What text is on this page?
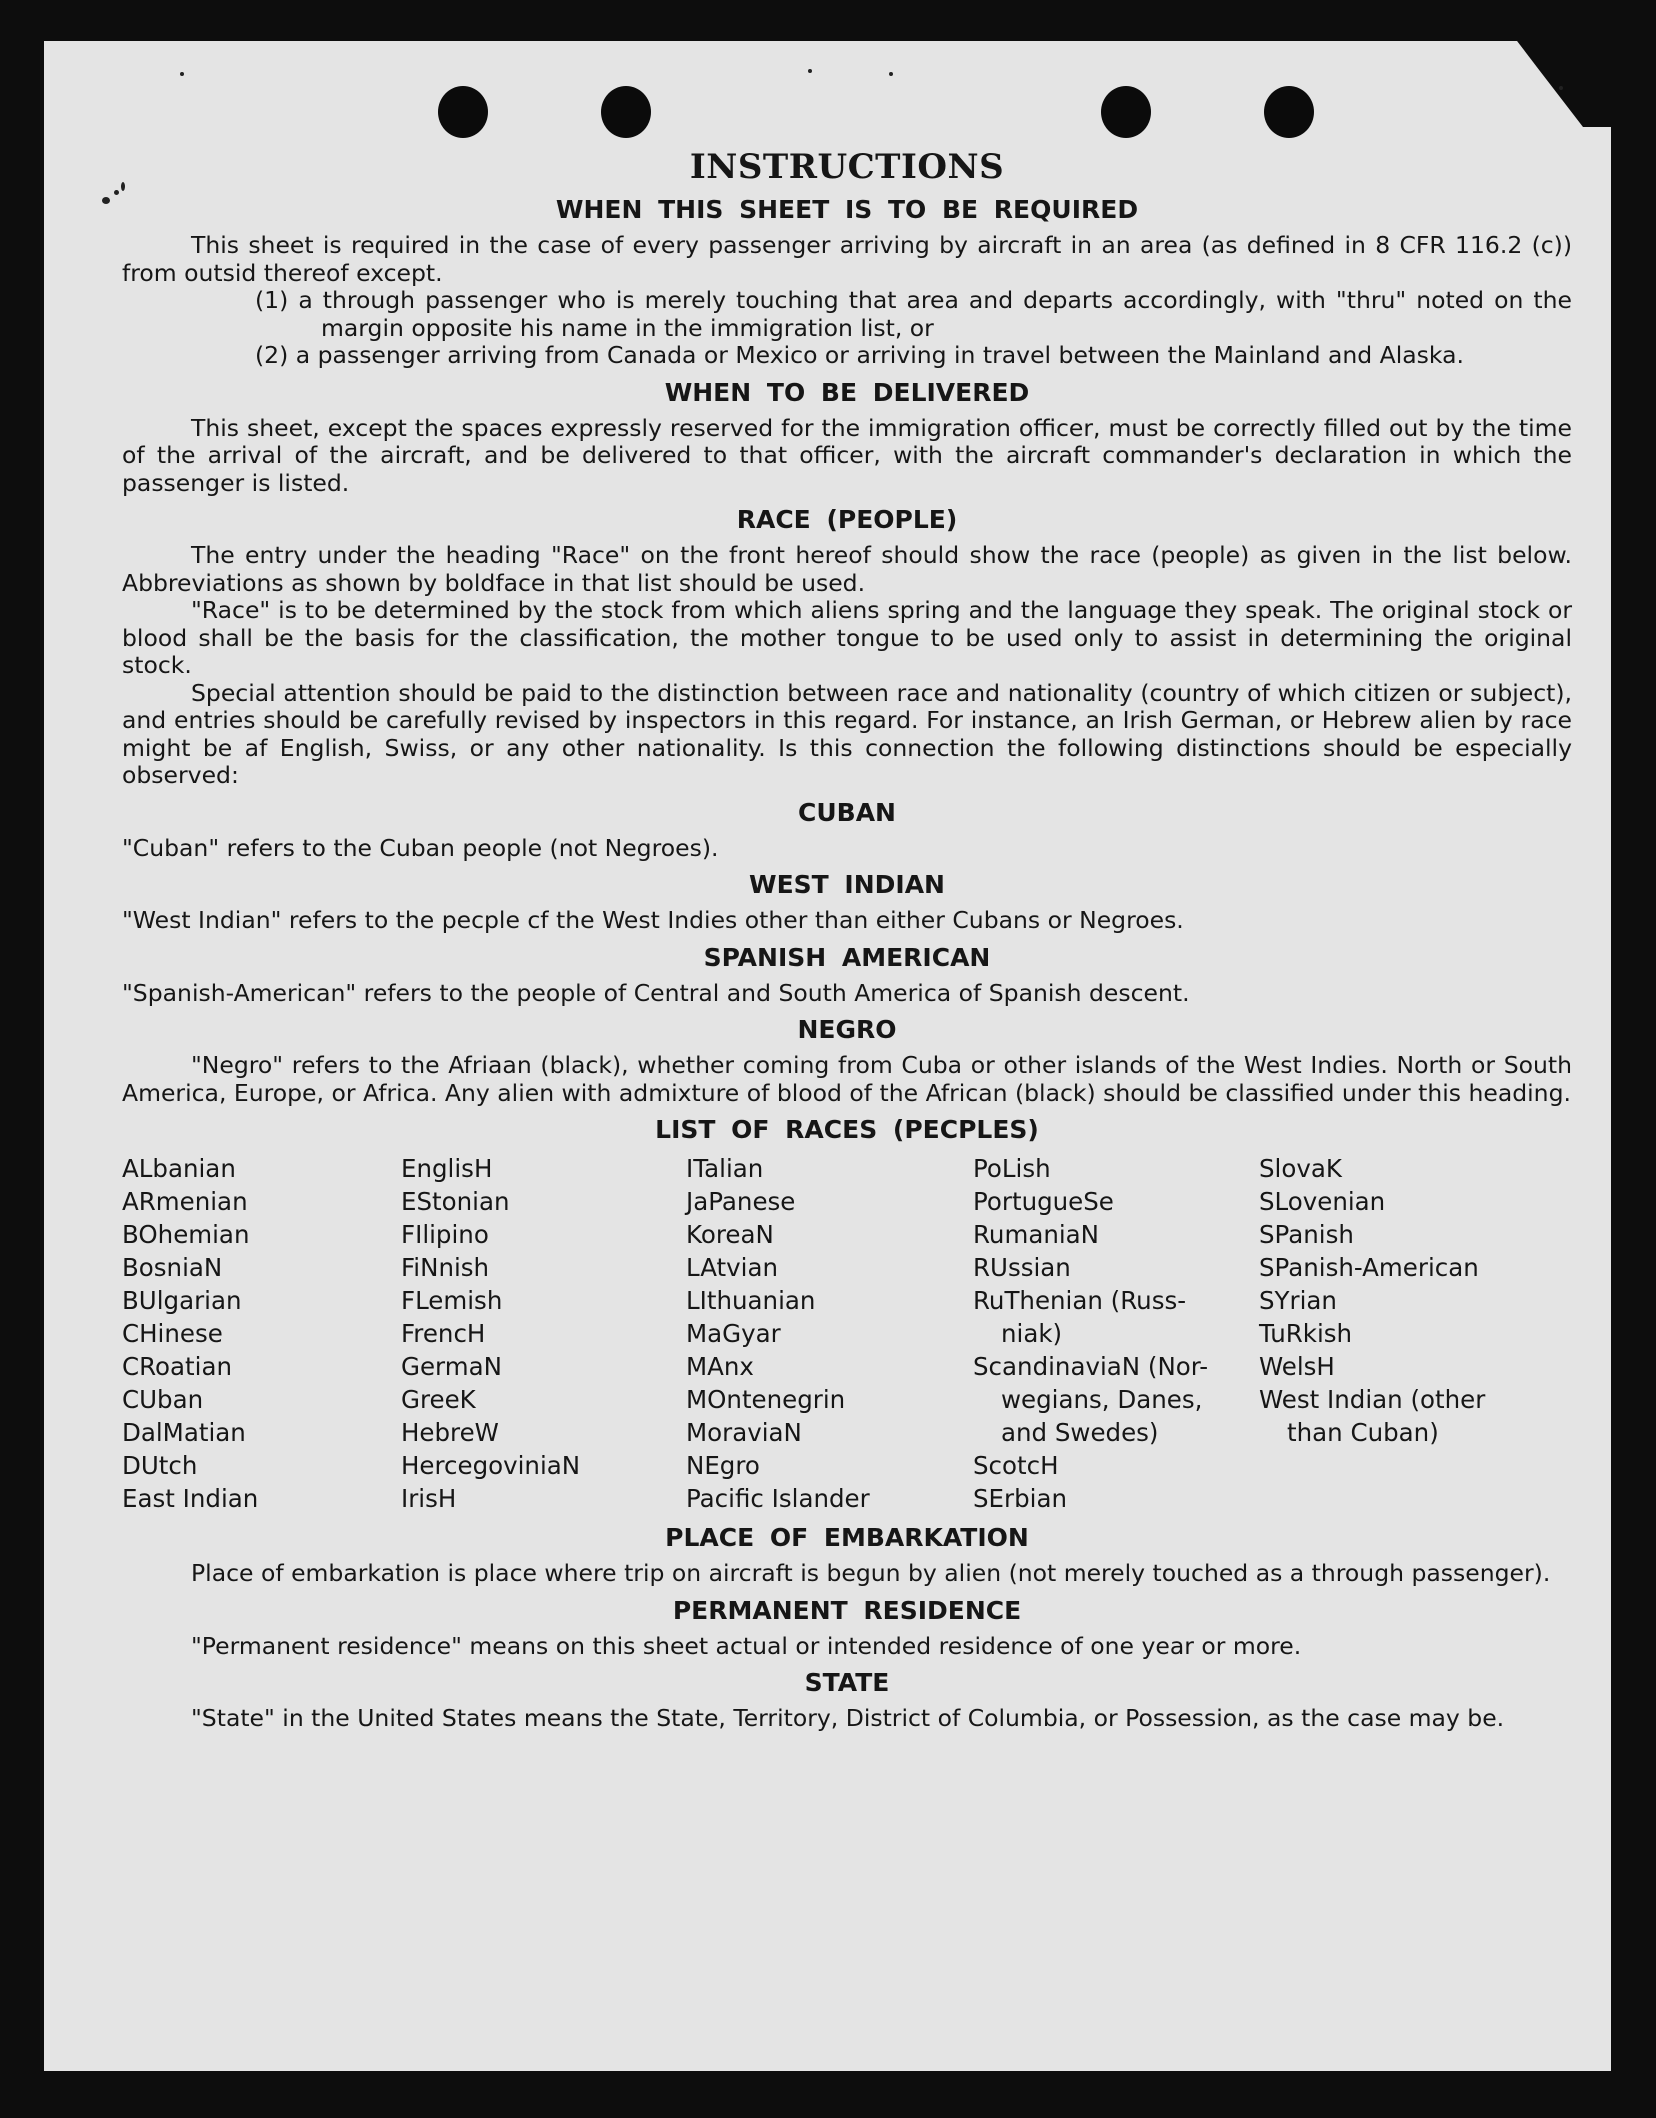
INSTRUCTIONS
WHEN THIS SHEET IS TO BE REQUIRED

This sheet is required in the case of every passenger arriving by aircraft in an area (as defined in 8 CFR 116.2 (c)) from outsid thereof except.

(1) a through passenger who is merely touching that area and departs accordingly, with "thru" noted on the margin opposite his name in the immigration list, or

(2) a passenger arriving from Canada or Mexico or arriving in travel between the Mainland and Alaska.

WHEN TO BE DELIVERED

This sheet, except the spaces expressly reserved for the immigration officer, must be correctly filled out by the time of the arrival of the aircraft, and be delivered to that officer, with the aircraft commander's declaration in which the passenger is listed.

RACE (PEOPLE)

The entry under the heading "Race" on the front hereof should show the race (people) as given in the list below. Abbreviations as shown by boldface in that list should be used.

"Race" is to be determined by the stock from which aliens spring and the language they speak. The original stock or blood shall be the basis for the classification, the mother tongue to be used only to assist in determining the original stock.

Special attention should be paid to the distinction between race and nationality (country of which citizen or subject), and entries should be carefully revised by inspectors in this regard. For instance, an Irish German, or Hebrew alien by race might be af English, Swiss, or any other nationality. Is this connection the following distinctions should be especially observed:

CUBAN

"Cuban" refers to the Cuban people (not Negroes).

WEST INDIAN

"West Indian" refers to the pecple cf the West Indies other than either Cubans or Negroes.

SPANISH AMERICAN

"Spanish-American" refers to the people of Central and South America of Spanish descent.

NEGRO

"Negro" refers to the Afriaan (black), whether coming from Cuba or other islands of the West Indies. North or South America, Europe, or Africa. Any alien with admixture of blood of the African (black) should be classified under this heading.

LIST OF RACES (PECPLES)
ALbanian
ARmenian
BOhemian
BosniaN
BUlgarian
CHinese
CRoatian
CUban
DalMatian
DUtch
East Indian
EnglisH
EStonian
FIlipino
FiNnish
FLemish
FrencH
GermaN
GreeK
HebreW
HercegoviniaN
IrisH
ITalian
JaPanese
KoreaN
LAtvian
LIthuanian
MaGyar
MAnx
MOntenegrin
MoraviaN
NEgro
Pacific Islander
PoLish
PortugueSe
RumaniaN
RUssian
RuThenian (Russ-
niak)
ScandinaviaN (Nor-
wegians, Danes,
and Swedes)
ScotcH
SErbian
SlovaK
SLovenian
SPanish
SPanish-American
SYrian
TuRkish
WelsH
West Indian (other
than Cuban)
PLACE OF EMBARKATION

Place of embarkation is place where trip on aircraft is begun by alien (not merely touched as a through passenger).

PERMANENT RESIDENCE

"Permanent residence" means on this sheet actual or intended residence of one year or more.

STATE

"State" in the United States means the State, Territory, District of Columbia, or Possession, as the case may be.
